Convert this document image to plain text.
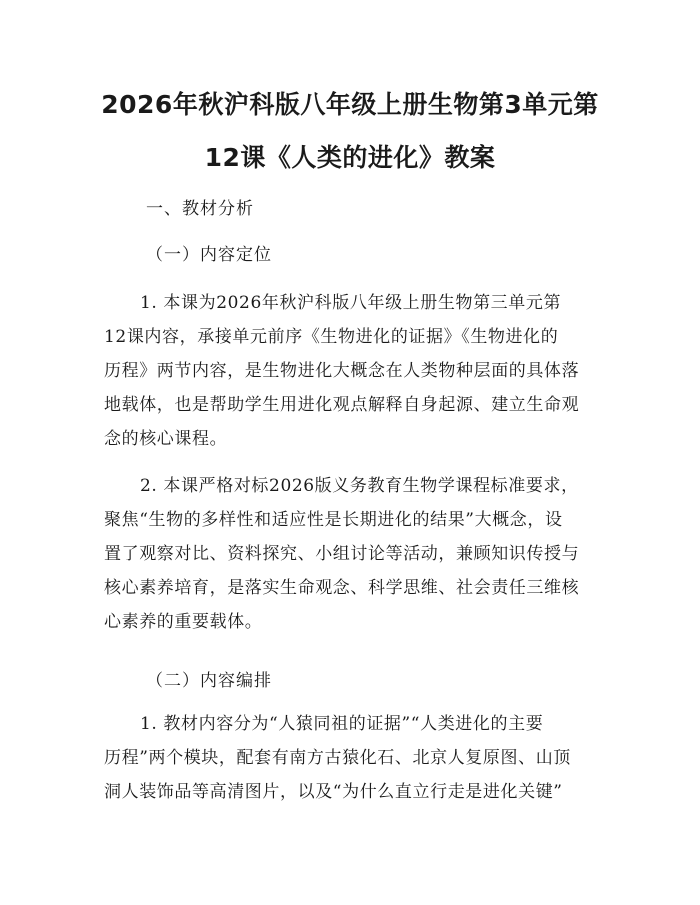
2026年秋沪科版八年级上册生物第3单元第
12课《人类的进化》教案
一、教材分析
（一）内容定位
1. 本课为2026年秋沪科版八年级上册生物第三单元第
12课内容，承接单元前序《生物进化的证据》《生物进化的
历程》两节内容，是生物进化大概念在人类物种层面的具体落
地载体，也是帮助学生用进化观点解释自身起源、建立生命观
念的核心课程。
2. 本课严格对标2026版义务教育生物学课程标准要求，
聚焦“生物的多样性和适应性是长期进化的结果”大概念，设
置了观察对比、资料探究、小组讨论等活动，兼顾知识传授与
核心素养培育，是落实生命观念、科学思维、社会责任三维核
心素养的重要载体。
（二）内容编排
1. 教材内容分为“人猿同祖的证据”“人类进化的主要
历程”两个模块，配套有南方古猿化石、北京人复原图、山顶
洞人装饰品等高清图片，以及“为什么直立行走是进化关键”
